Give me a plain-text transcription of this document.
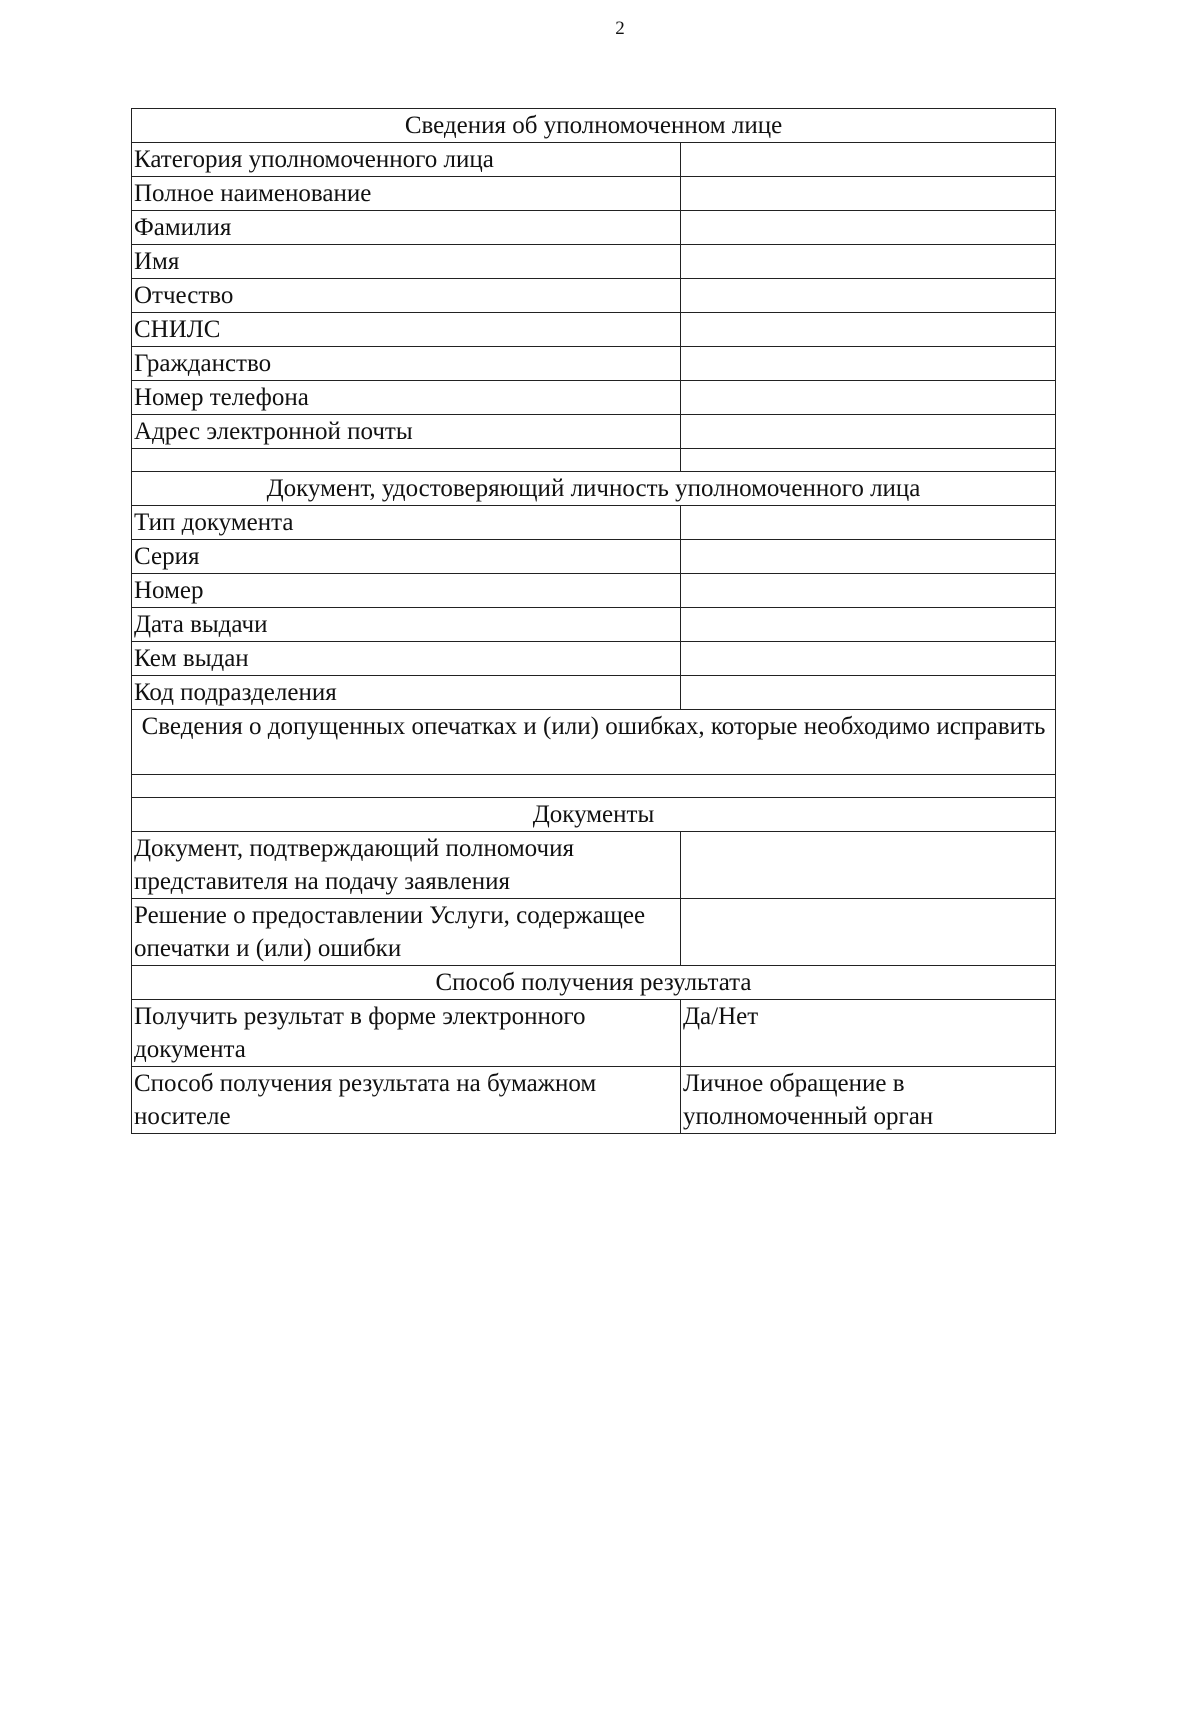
2
Сведения об уполномоченном лице	
Категория уполномоченного лица	
Полное наименование	
Фамилия	
Имя	
Отчество	
СНИЛС	
Гражданство	
Номер телефона	
Адрес электронной почты	

Документ, удостоверяющий личность уполномоченного лица	
Тип документа	
Серия	
Номер	
Дата выдачи	
Кем выдан	
Код подразделения	
Сведения о допущенных опечатках и (или) ошибках, которые необходимо исправить	

Документы	
Документ, подтверждающий полномочия представителя на подачу заявления	
Решение о предоставлении Услуги, содержащее опечатки и (или) ошибки	
Способ получения результата	
Получить результат в форме электронного документа	Да/Нет
Способ получения результата на бумажном носителе	Личное обращение в уполномоченный орган
